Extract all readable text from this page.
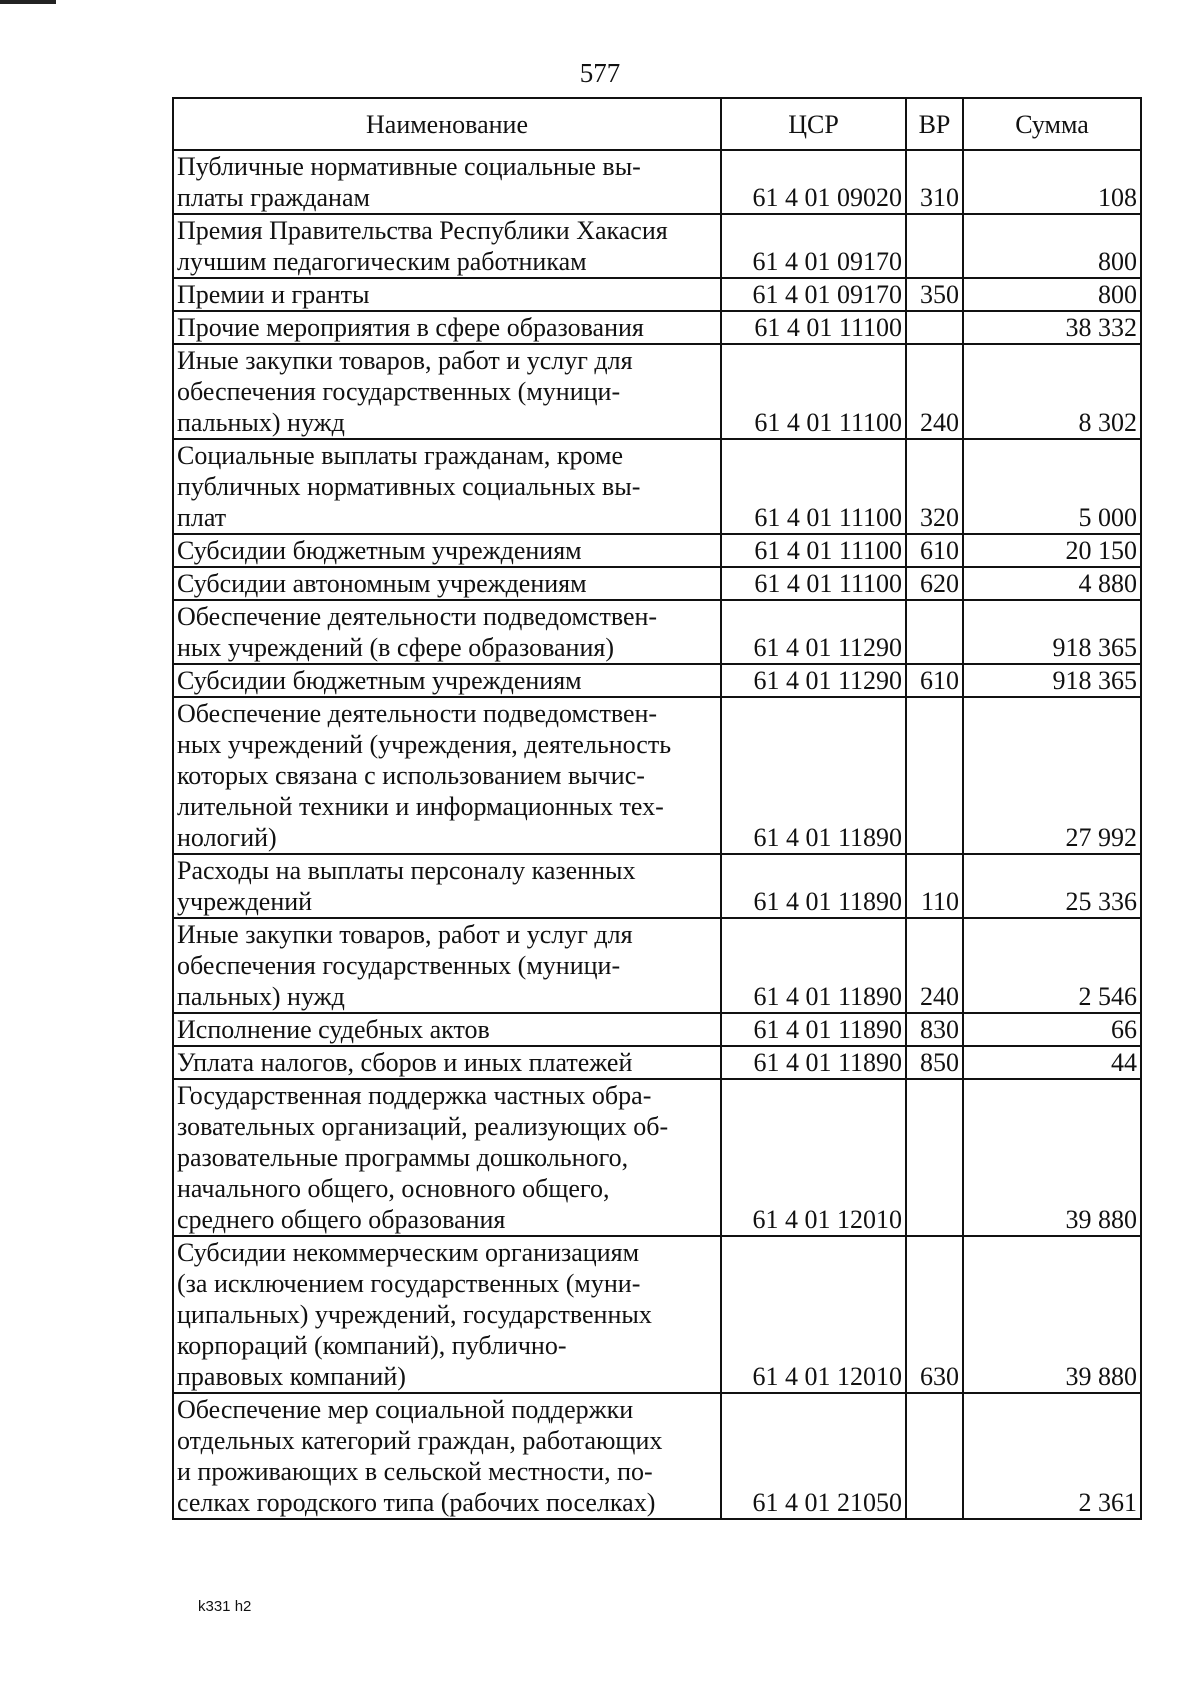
577
Наименование	ЦСР	ВР	Сумма
Публичные нормативные социальные вы-
платы гражданам	61 4 01 09020	310	108
Премия Правительства Республики Хакасия
лучшим педагогическим работникам	61 4 01 09170		800
Премии и гранты	61 4 01 09170	350	800
Прочие мероприятия в сфере образования	61 4 01 11100		38 332
Иные закупки товаров, работ и услуг для
обеспечения государственных (муници-
пальных) нужд	61 4 01 11100	240	8 302
Социальные выплаты гражданам, кроме
публичных нормативных социальных вы-
плат	61 4 01 11100	320	5 000
Субсидии бюджетным учреждениям	61 4 01 11100	610	20 150
Субсидии автономным учреждениям	61 4 01 11100	620	4 880
Обеспечение деятельности подведомствен-
ных учреждений (в сфере образования)	61 4 01 11290		918 365
Субсидии бюджетным учреждениям	61 4 01 11290	610	918 365
Обеспечение деятельности подведомствен-
ных учреждений (учреждения, деятельность
которых связана с использованием вычис-
лительной техники и информационных тех-
нологий)	61 4 01 11890		27 992
Расходы на выплаты персоналу казенных
учреждений	61 4 01 11890	110	25 336
Иные закупки товаров, работ и услуг для
обеспечения государственных (муници-
пальных) нужд	61 4 01 11890	240	2 546
Исполнение судебных актов	61 4 01 11890	830	66
Уплата налогов, сборов и иных платежей	61 4 01 11890	850	44
Государственная поддержка частных обра-
зовательных организаций, реализующих об-
разовательные программы дошкольного,
начального общего, основного общего,
среднего общего образования	61 4 01 12010		39 880
Субсидии некоммерческим организациям
(за исключением государственных (муни-
ципальных) учреждений, государственных
корпораций (компаний), публично-
правовых компаний)	61 4 01 12010	630	39 880
Обеспечение мер социальной поддержки
отдельных категорий граждан, работающих
и проживающих в сельской местности, по-
селках городского типа (рабочих поселках)	61 4 01 21050		2 361
k331 h2
